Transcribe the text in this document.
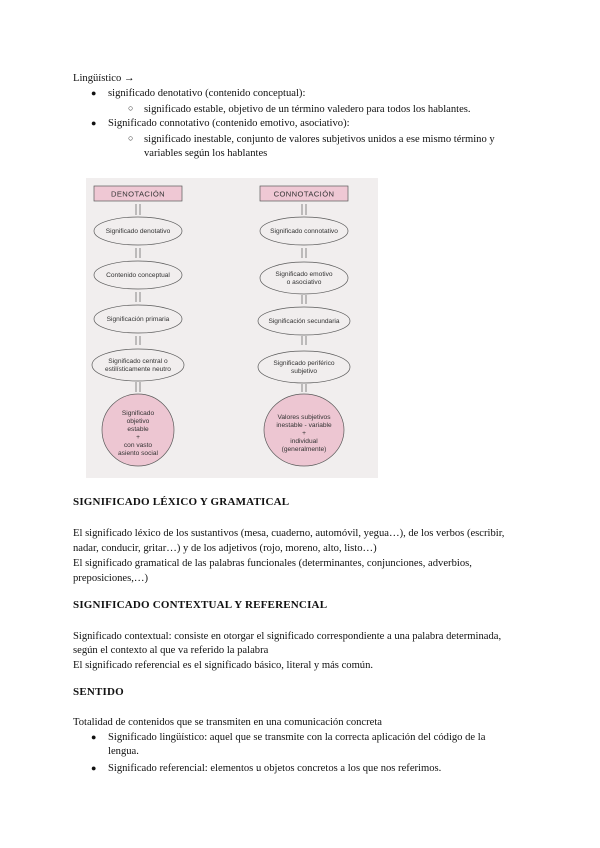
Lingüístico →
● significado denotativo (contenido conceptual):
○ significado estable, objetivo de un término valedero para todos los hablantes.
● Significado connotativo (contenido emotivo, asociativo):
○ significado inestable, conjunto de valores subjetivos unidos a ese mismo término y
variables según los hablantes
DENOTACIÓN	CONNOTACIÓN
Significado denotativo
Contenido conceptual
Significación primaria
Significado central o
estilísticamente neutro
Significado
objetivo
estable
+
con vasto
asiento social
Significado connotativo
Significado emotivo
o asociativo
Significación secundaria
Significado periférico
subjetivo
Valores subjetivos
inestable - variable
+
individual
(generalmente)
SIGNIFICADO LÉXICO Y GRAMATICAL
El significado léxico de los sustantivos (mesa, cuaderno, automóvil, yegua…), de los verbos (escribir,
nadar, conducir, gritar…) y de los adjetivos (rojo, moreno, alto, listo…)
El significado gramatical de las palabras funcionales (determinantes, conjunciones, adverbios,
preposiciones,…)
SIGNIFICADO CONTEXTUAL Y REFERENCIAL
Significado contextual: consiste en otorgar el significado correspondiente a una palabra determinada,
según el contexto al que va referido la palabra
El significado referencial es el significado básico, literal y más común.
SENTIDO
Totalidad de contenidos que se transmiten en una comunicación concreta
● Significado lingüístico: aquel que se transmite con la correcta aplicación del código de la
lengua.
● Significado referencial: elementos u objetos concretos a los que nos referimos.
